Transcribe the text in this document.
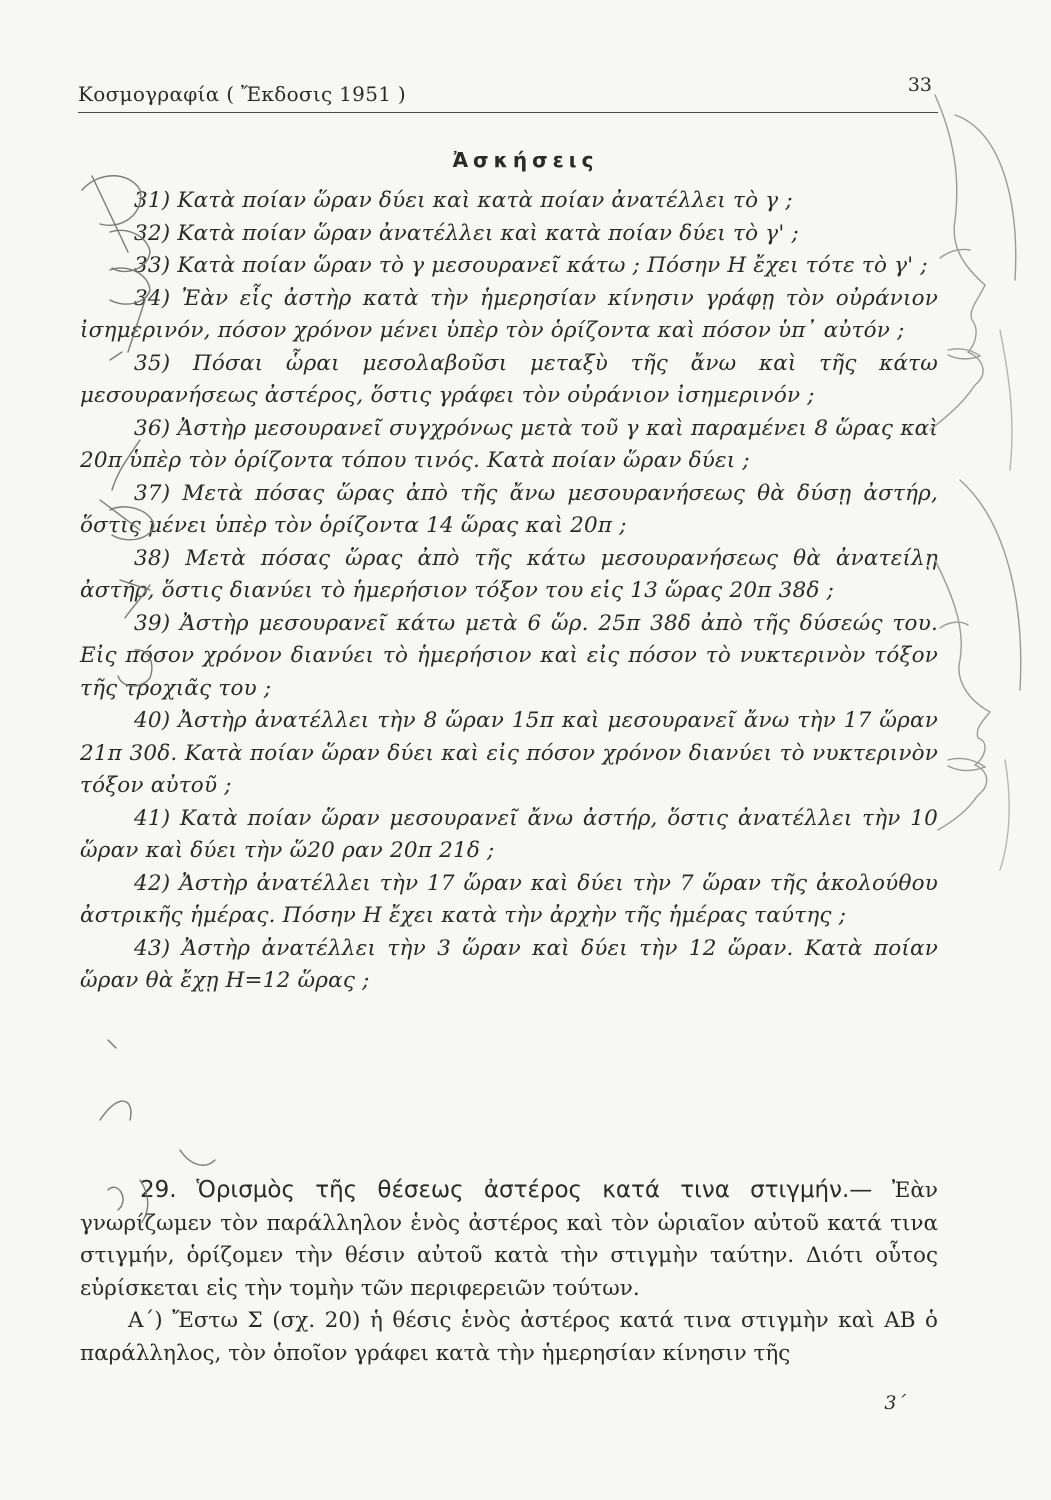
Κοσμογραφία ( Ἔκδοσις 1951 )	33
Ἀσκήσεις

31) Κατὰ ποίαν ὥραν δύει καὶ κατὰ ποίαν ἀνατέλλει τὸ γ ;

32) Κατὰ ποίαν ὥραν ἀνατέλλει καὶ κατὰ ποίαν δύει τὸ γ' ;

33) Κατὰ ποίαν ὥραν τὸ γ μεσουρανεῖ κάτω ; Πόσην Η ἔχει τότε τὸ γ' ;

34) Ἐὰν εἷς ἀστὴρ κατὰ τὴν ἡμερησίαν κίνησιν γράφῃ τὸν οὐράνιον ἰσημερινόν, πόσον χρόνον μένει ὑπὲρ τὸν ὁρίζοντα καὶ πόσον ὑπ᾽ αὐτόν ;

35) Πόσαι ὧραι μεσολαβοῦσι μεταξὺ τῆς ἄνω καὶ τῆς κάτω μεσουρανήσεως ἀστέρος, ὅστις γράφει τὸν οὐράνιον ἰσημερινόν ;

36) Ἀστὴρ μεσουρανεῖ συγχρόνως μετὰ τοῦ γ καὶ παραμένει 8 ὥρας καὶ 20π ὑπὲρ τὸν ὁρίζοντα τόπου τινός. Κατὰ ποίαν ὥραν δύει ;

37) Μετὰ πόσας ὥρας ἀπὸ τῆς ἄνω μεσουρανήσεως θὰ δύσῃ ἀστήρ, ὅστις μένει ὑπὲρ τὸν ὁρίζοντα 14 ὥρας καὶ 20π ;

38) Μετὰ πόσας ὥρας ἀπὸ τῆς κάτω μεσουρανήσεως θὰ ἀνατείλῃ ἀστήρ, ὅστις διανύει τὸ ἡμερήσιον τόξον του εἰς 13 ὥρας 20π 38δ ;

39) Ἀστὴρ μεσουρανεῖ κάτω μετὰ 6 ὥρ. 25π 38δ ἀπὸ τῆς δύσεώς του. Εἰς πόσον χρόνον διανύει τὸ ἡμερήσιον καὶ εἰς πόσον τὸ νυκτερινὸν τόξον τῆς τροχιᾶς του ;

40) Ἀστὴρ ἀνατέλλει τὴν 8 ὥραν 15π καὶ μεσουρανεῖ ἄνω τὴν 17 ὥραν 21π 30δ. Κατὰ ποίαν ὥραν δύει καὶ εἰς πόσον χρόνον διανύει τὸ νυκτερινὸν τόξον αὐτοῦ ;

41) Κατὰ ποίαν ὥραν μεσουρανεῖ ἄνω ἀστήρ, ὅστις ἀνατέλλει τὴν 10 ὥραν καὶ δύει τὴν ὥ20 ραν 20π 21δ ;

42) Ἀστὴρ ἀνατέλλει τὴν 17 ὥραν καὶ δύει τὴν 7 ὥραν τῆς ἀκολούθου ἀστρικῆς ἡμέρας. Πόσην Η ἔχει κατὰ τὴν ἀρχὴν τῆς ἡμέρας ταύτης ;

43) Ἀστὴρ ἀνατέλλει τὴν 3 ὥραν καὶ δύει τὴν 12 ὥραν. Κατὰ ποίαν ὥραν θὰ ἔχῃ Η=12 ὥρας ;

29. Ὁρισμὸς τῆς θέσεως ἀστέρος κατά τινα στιγμήν.— Ἐὰν γνωρίζωμεν τὸν παράλληλον ἑνὸς ἀστέρος καὶ τὸν ὡριαῖον αὐτοῦ κατά τινα στιγμήν, ὁρίζομεν τὴν θέσιν αὐτοῦ κατὰ τὴν στιγμὴν ταύτην. Διότι οὗτος εὑρίσκεται εἰς τὴν τομὴν τῶν περιφερειῶν τούτων.

Α΄) Ἔστω Σ (σχ. 20) ἡ θέσις ἑνὸς ἀστέρος κατά τινα στιγμὴν καὶ ΑΒ ὁ παράλληλος, τὸν ὁποῖον γράφει κατὰ τὴν ἡμερησίαν κίνησιν τῆς

3΄
